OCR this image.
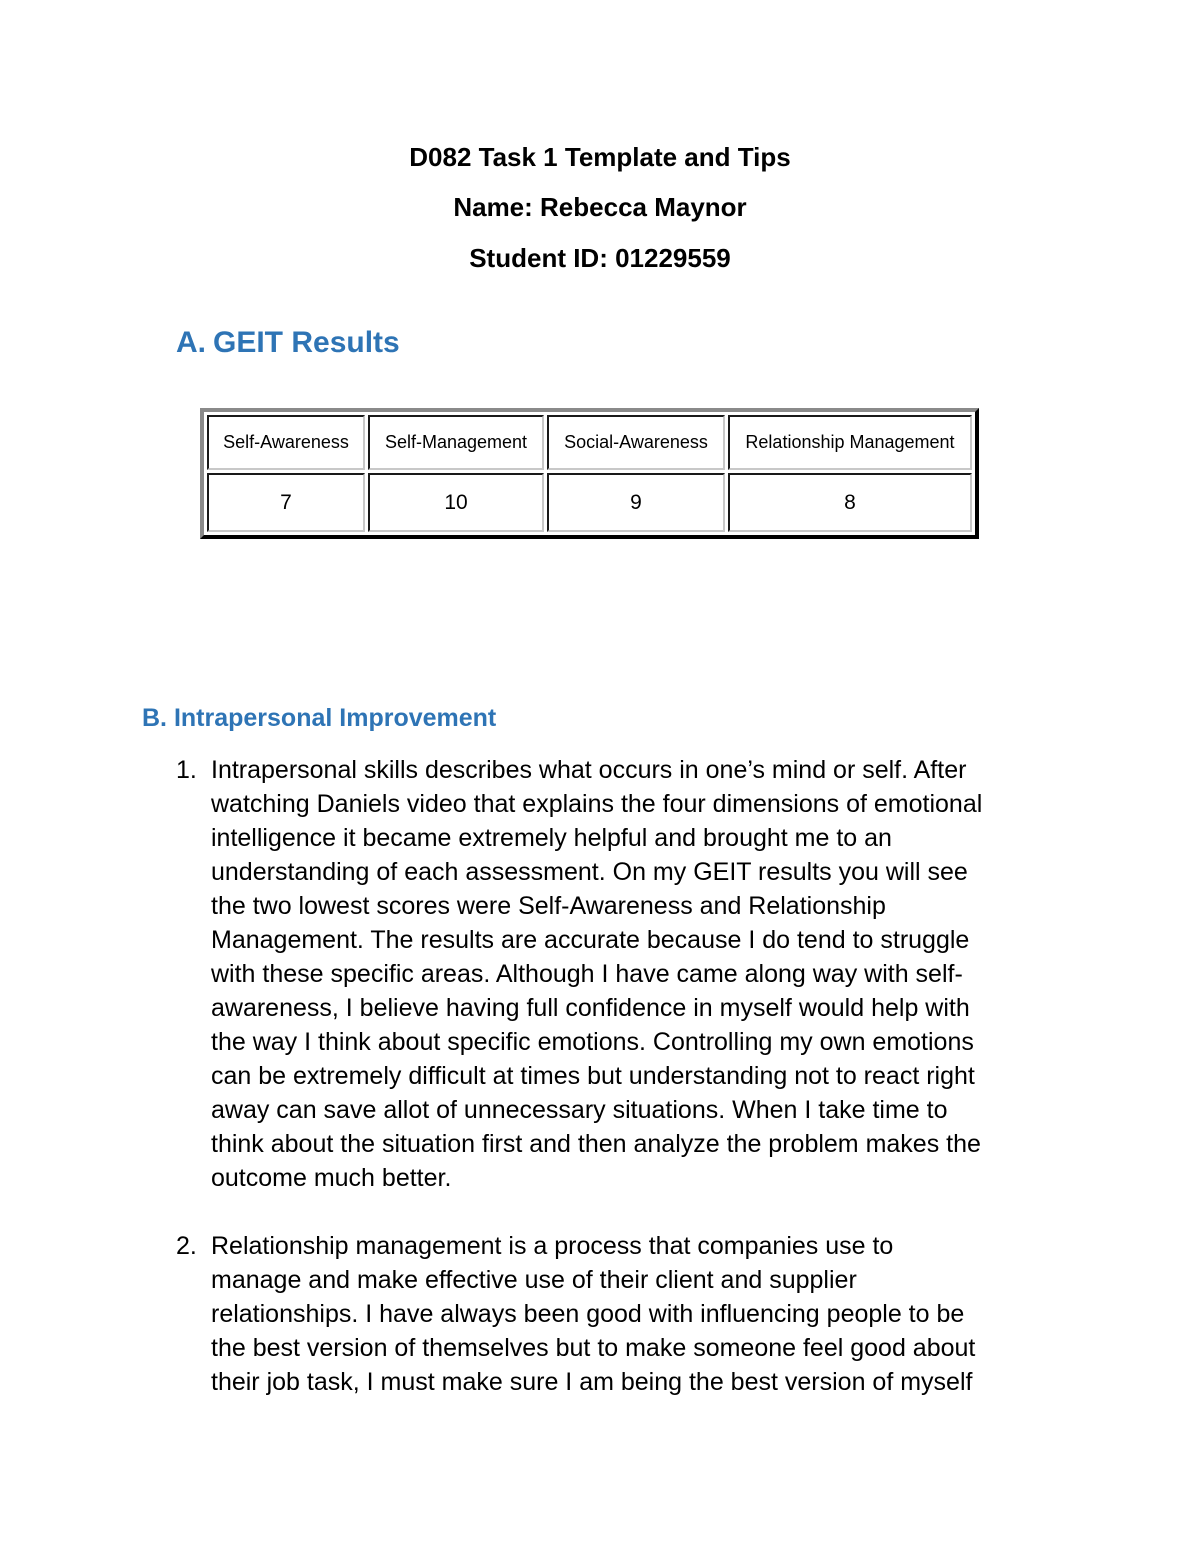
D082 Task 1 Template and Tips
Name: Rebecca Maynor
Student ID: 01229559
A. GEIT Results
Self-Awareness	Self-Management	Social-Awareness	Relationship Management
7	10	9	8
B. Intrapersonal Improvement
1. Intrapersonal skills describes what occurs in one’s mind or self. After
watching Daniels video that explains the four dimensions of emotional
intelligence it became extremely helpful and brought me to an
understanding of each assessment. On my GEIT results you will see
the two lowest scores were Self-Awareness and Relationship
Management. The results are accurate because I do tend to struggle
with these specific areas. Although I have came along way with self-
awareness, I believe having full confidence in myself would help with
the way I think about specific emotions. Controlling my own emotions
can be extremely difficult at times but understanding not to react right
away can save allot of unnecessary situations. When I take time to
think about the situation first and then analyze the problem makes the
outcome much better.
2. Relationship management is a process that companies use to
manage and make effective use of their client and supplier
relationships. I have always been good with influencing people to be
the best version of themselves but to make someone feel good about
their job task, I must make sure I am being the best version of myself
